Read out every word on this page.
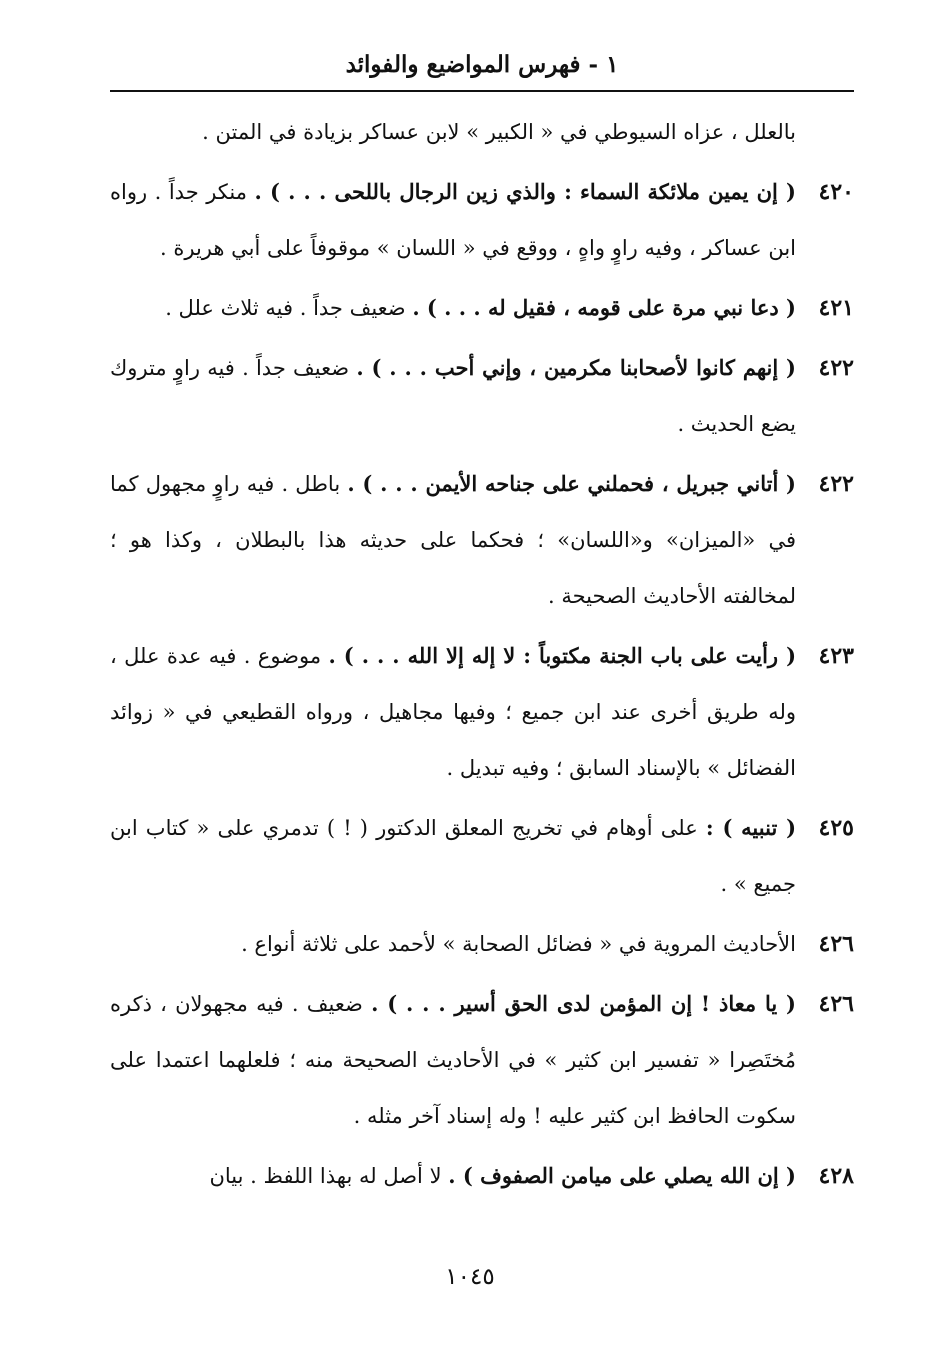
١ - فهرس المواضيع والفوائد
بالعلل ، عزاه السيوطي في « الكبير » لابن عساكر بزيادة في المتن .
٤٢٠
( إن يمين ملائكة السماء : والذي زين الرجال باللحى . . . ) . منكر جداً . رواه ابن عساكر ، وفيه راوٍ واهٍ ، ووقع في « اللسان » موقوفاً على أبي هريرة .
٤٢١
( دعا نبي مرة على قومه ، فقيل له . . . ) . ضعيف جداً . فيه ثلاث علل .
٤٢٢
( إنهم كانوا لأصحابنا مكرمين ، وإني أحب . . . ) . ضعيف جداً . فيه راوٍ متروك يضع الحديث .
٤٢٢
( أتاني جبريل ، فحملني على جناحه الأيمن . . . ) . باطل . فيه راوٍ مجهول كما في «الميزان» و«اللسان» ؛ فحكما على حديثه هذا بالبطلان ، وكذا هو ؛ لمخالفته الأحاديث الصحيحة .
٤٢٣
( رأيت على باب الجنة مكتوباً : لا إله إلا الله . . . ) . موضوع . فيه عدة علل ، وله طريق أخرى عند ابن جميع ؛ وفيها مجاهيل ، ورواه القطيعي في « زوائد الفضائل » بالإسناد السابق ؛ وفيه تبديل .
٤٢٥
( تنبيه ) : على أوهام في تخريج المعلق الدكتور ( ! ) تدمري على « كتاب ابن جميع » .
٤٢٦
الأحاديث المروية في « فضائل الصحابة » لأحمد على ثلاثة أنواع .
٤٢٦
( يا معاذ ! إن المؤمن لدى الحق أسير . . . ) . ضعيف . فيه مجهولان ، ذكره مُختَصِرا « تفسير ابن كثير » في الأحاديث الصحيحة منه ؛ فلعلهما اعتمدا على سكوت الحافظ ابن كثير عليه ! وله إسناد آخر مثله .
٤٢٨
( إن الله يصلي على ميامن الصفوف ) . لا أصل له بهذا اللفظ . بيان
١٠٤٥
